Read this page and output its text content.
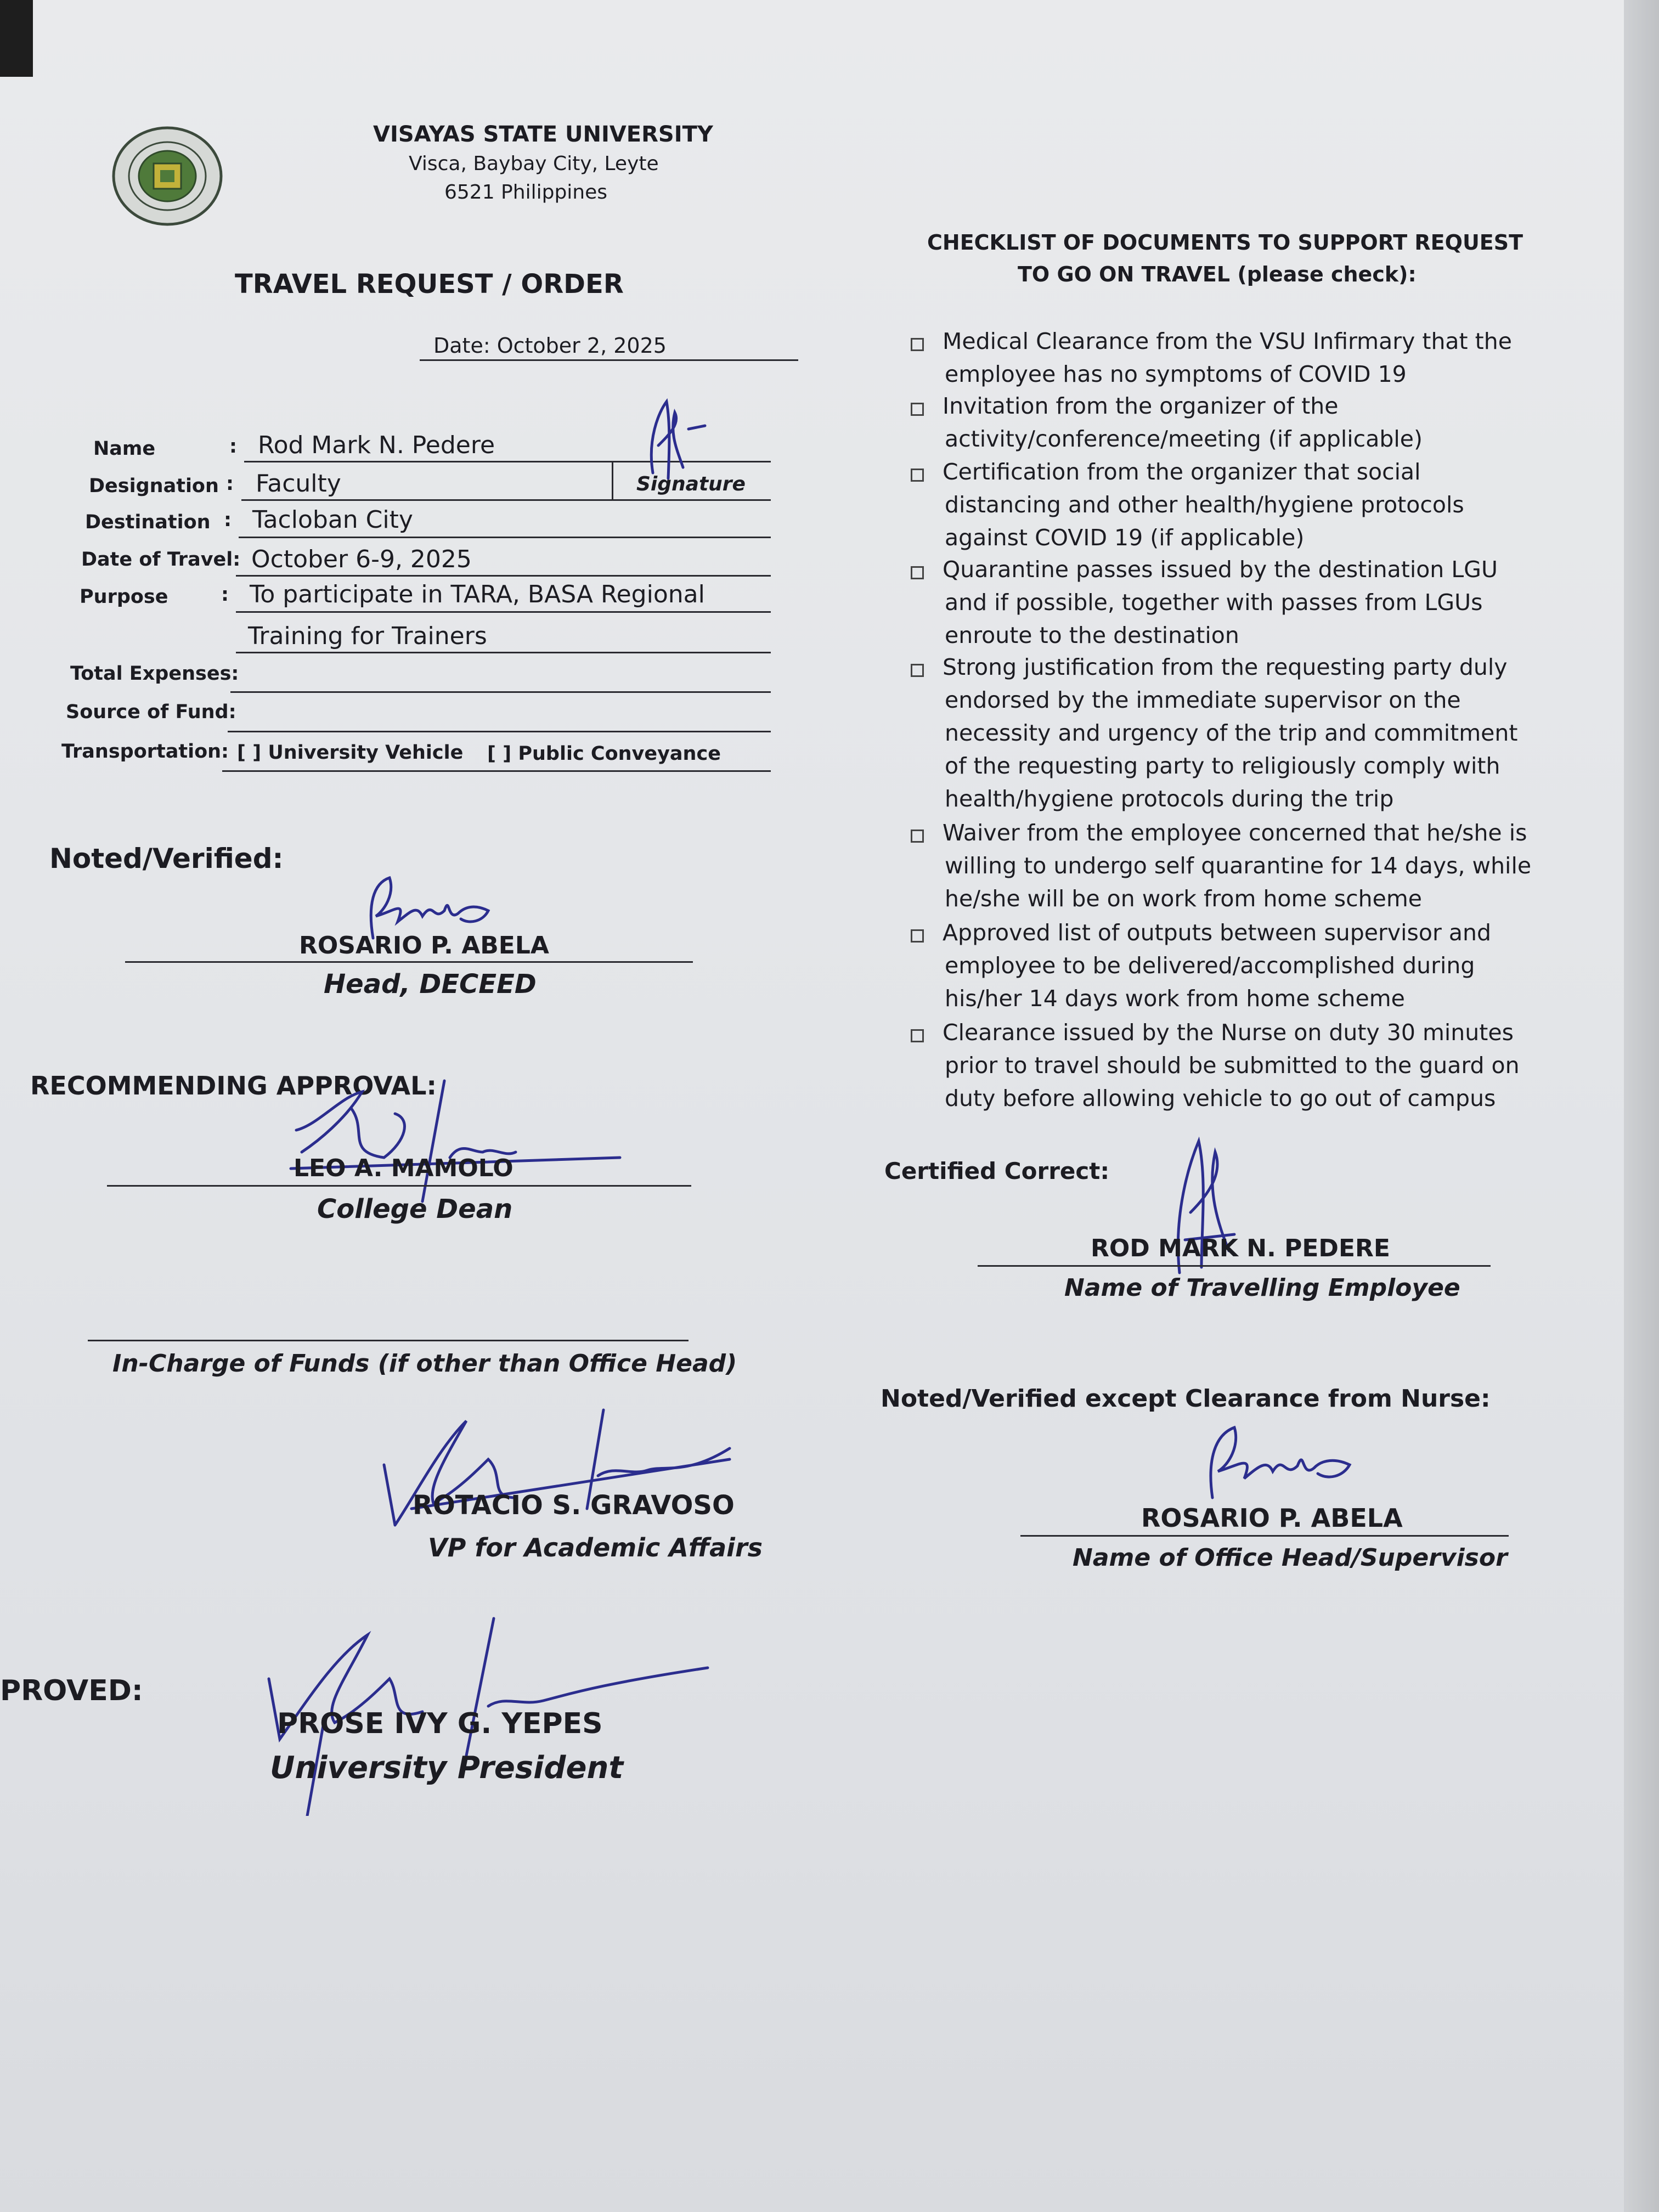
VISAYAS STATE UNIVERSITY
Visca, Baybay City, Leyte
6521 Philippines
TRAVEL REQUEST / ORDER
Date: October 2, 2025
Name	: Rod Mark N. Pedere
Designation : Faculty	Signature
Destination : Tacloban City
Date of Travel: October 6-9, 2025
Purpose	: To participate in TARA, BASA Regional
Training for Trainers
Total Expenses:
Source of Fund:
Transportation: [ ] University Vehicle [ ] Public Conveyance
Noted/Verified:
ROSARIO P. ABELA
Head, DECEED
RECOMMENDING APPROVAL:
LEO A. MAMOLO
College Dean
In-Charge of Funds (if other than Office Head)
ROTACIO S. GRAVOSO
VP for Academic Affairs
PROVED:
PROSE IVY G. YEPES
University President
CHECKLIST OF DOCUMENTS TO SUPPORT REQUEST
TO GO ON TRAVEL (please check):
Medical Clearance from the VSU Infirmary that the
employee has no symptoms of COVID 19
Invitation from the organizer of the
activity/conference/meeting (if applicable)
Certification from the organizer that social
distancing and other health/hygiene protocols
against COVID 19 (if applicable)
Quarantine passes issued by the destination LGU
and if possible, together with passes from LGUs
enroute to the destination
Strong justification from the requesting party duly
endorsed by the immediate supervisor on the
necessity and urgency of the trip and commitment
of the requesting party to religiously comply with
health/hygiene protocols during the trip
Waiver from the employee concerned that he/she is
willing to undergo self quarantine for 14 days, while
he/she will be on work from home scheme
Approved list of outputs between supervisor and
employee to be delivered/accomplished during
his/her 14 days work from home scheme
Clearance issued by the Nurse on duty 30 minutes
prior to travel should be submitted to the guard on
duty before allowing vehicle to go out of campus
Certified Correct:
ROD MARK N. PEDERE
Name of Travelling Employee
Noted/Verified except Clearance from Nurse:
ROSARIO P. ABELA
Name of Office Head/Supervisor
